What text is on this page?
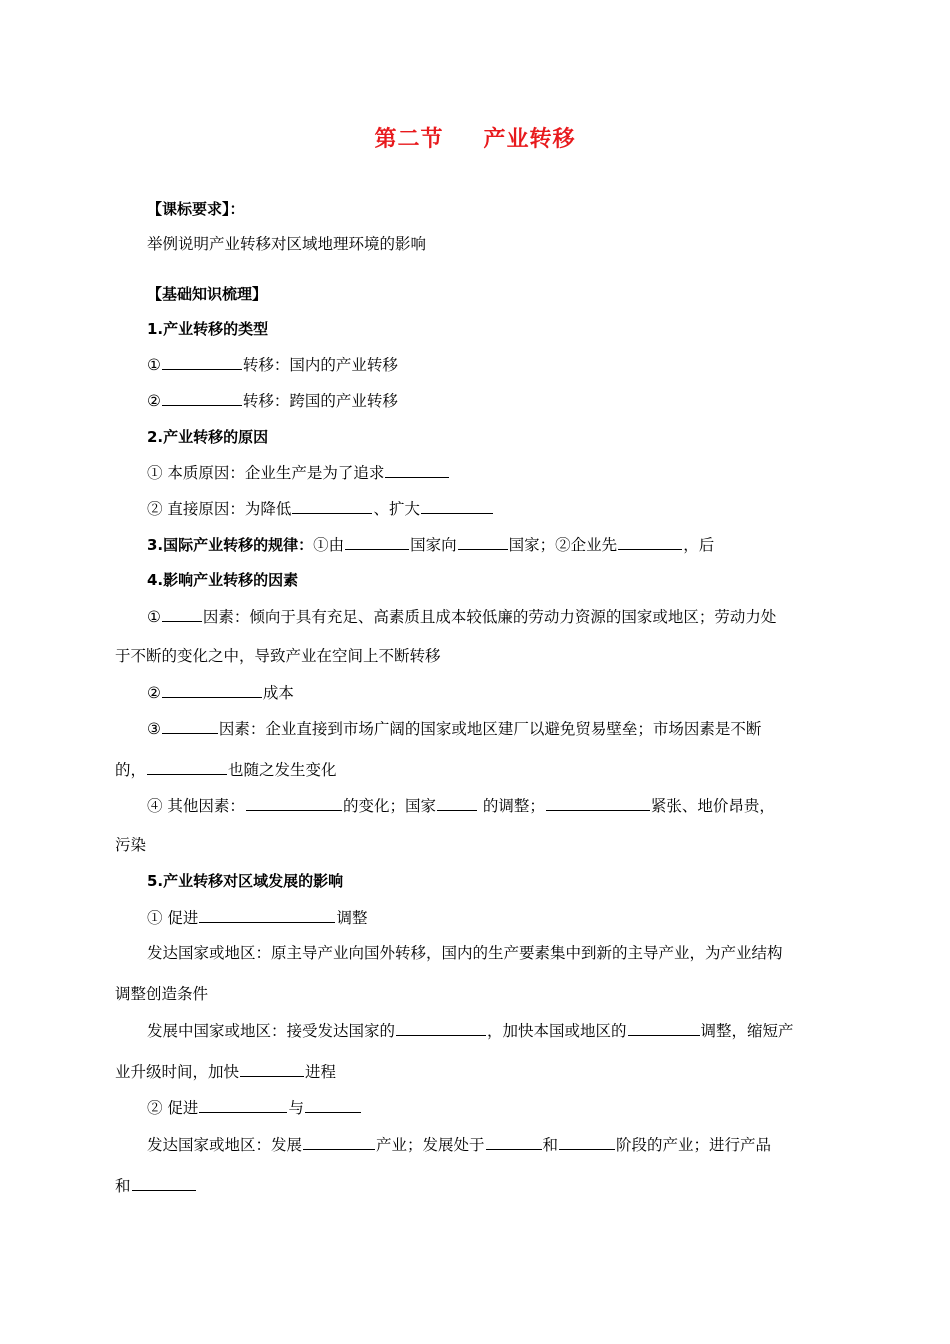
第二节 产业转移
【课标要求】：
举例说明产业转移对区域地理环境的影响
【基础知识梳理】
1.产业转移的类型
①	转移：国内的产业转移
②	转移：跨国的产业转移
2.产业转移的原因
① 本质原因：企业生产是为了追求
② 直接原因：为降低	、扩大
3.国际产业转移的规律：①由	国家向	国家；②企业先	，后
4.影响产业转移的因素
①	因素：倾向于具有充足、高素质且成本较低廉的劳动力资源的国家或地区；劳动力处
于不断的变化之中，导致产业在空间上不断转移
②	成本
③	因素：企业直接到市场广阔的国家或地区建厂以避免贸易壁垒；市场因素是不断
的，	也随之发生变化
④ 其他因素：	的变化；国家	的调整；	紧张、地价昂贵，
污染
5.产业转移对区域发展的影响
① 促进	调整
发达国家或地区：原主导产业向国外转移，国内的生产要素集中到新的主导产业，为产业结构
调整创造条件
发展中国家或地区：接受发达国家的	，加快本国或地区的	调整，缩短产
业升级时间，加快	进程
② 促进	与
发达国家或地区：发展	产业；发展处于	和	阶段的产业；进行产品
和
